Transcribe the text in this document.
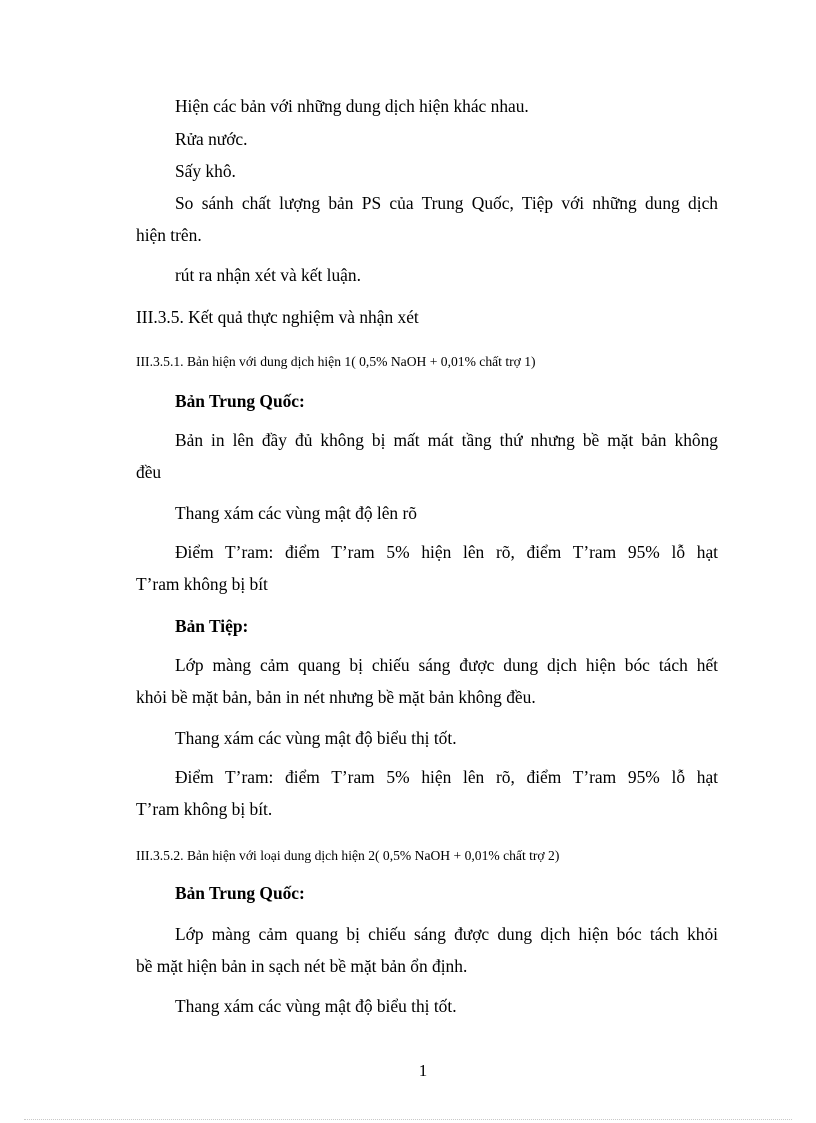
Hiện các bản với những dung dịch hiện khác nhau.
Rửa nước.
Sấy khô.
So sánh chất lượng bản PS của Trung Quốc, Tiệp với những dung dịch
hiện trên.
rút ra nhận xét và kết luận.
III.3.5. Kết quả thực nghiệm và nhận xét
III.3.5.1. Bản hiện với dung dịch hiện 1( 0,5% NaOH + 0,01% chất trợ 1)
Bản Trung Quốc:
Bản in lên đầy đủ không bị mất mát tầng thứ nhưng bề mặt bản không
đều
Thang xám các vùng mật độ lên rõ
Điểm T’ram: điểm T’ram 5% hiện lên rõ, điểm T’ram 95% lỗ hạt
T’ram không bị bít
Bản Tiệp:
Lớp màng cảm quang bị chiếu sáng được dung dịch hiện bóc tách hết
khỏi bề mặt bản, bản in nét nhưng bề mặt bản không đều.
Thang xám các vùng mật độ biểu thị tốt.
Điểm T’ram: điểm T’ram 5% hiện lên rõ, điểm T’ram 95% lỗ hạt
T’ram không bị bít.
III.3.5.2. Bản hiện với loại dung dịch hiện 2( 0,5% NaOH + 0,01% chất trợ 2)
Bản Trung Quốc:
Lớp màng cảm quang bị chiếu sáng được dung dịch hiện bóc tách khỏi
bề mặt hiện bản in sạch nét bề mặt bản ổn định.
Thang xám các vùng mật độ biểu thị tốt.
1
